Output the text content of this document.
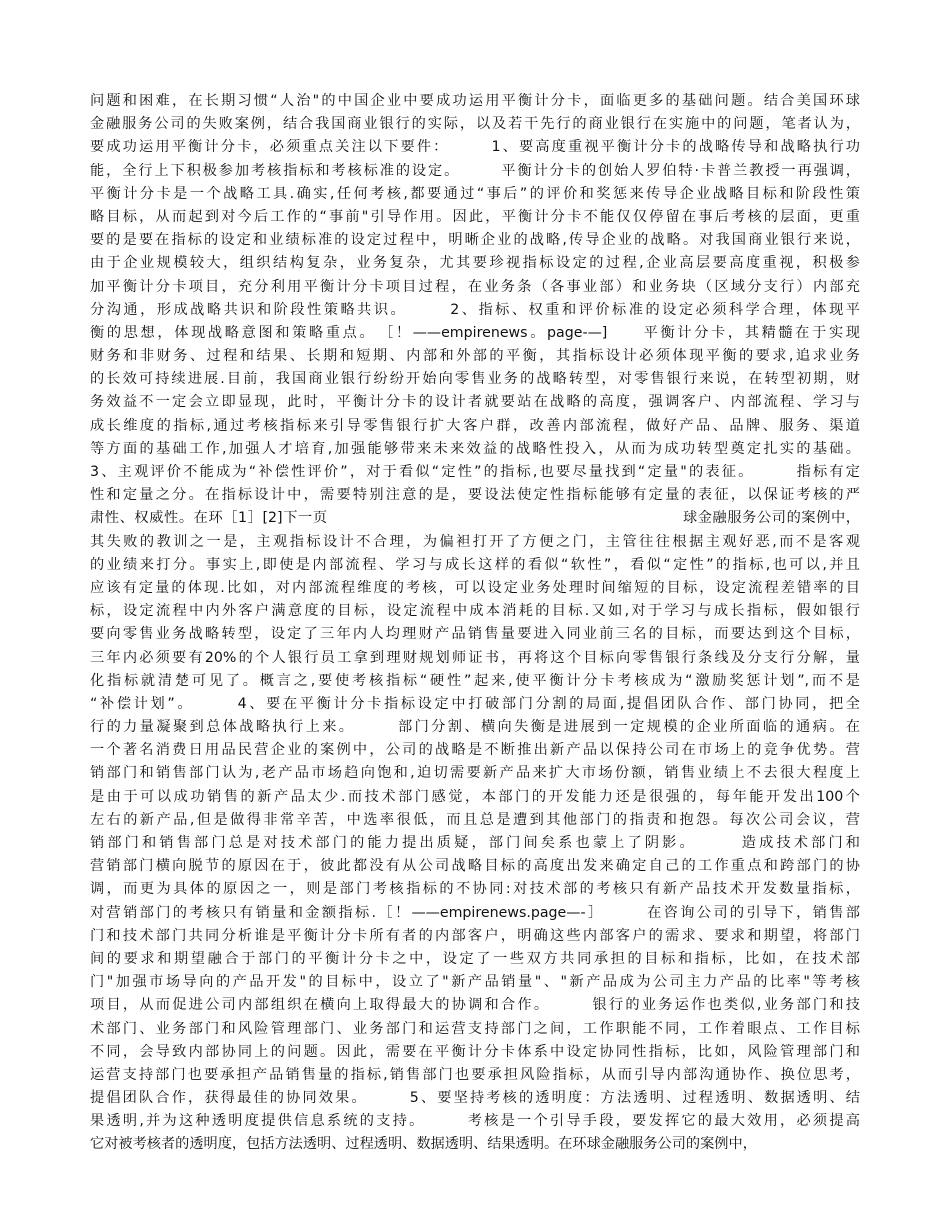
问题和困难，在长期习惯“人治"的中国企业中要成功运用平衡计分卡，面临更多的基础问题。结合美国环球
金融服务公司的失败案例，结合我国商业银行的实际，以及若干先行的商业银行在实施中的问题，笔者认为，
要成功运用平衡计分卡，必须重点关注以下要件：　　　1、要高度重视平衡计分卡的战略传导和战略执行功
能，全行上下积极参加考核指标和考核标准的设定。　　　平衡计分卡的创始人罗伯特·卡普兰教授一再强调，
平衡计分卡是一个战略工具.确实,任何考核,都要通过“事后”的评价和奖惩来传导企业战略目标和阶段性策
略目标，从而起到对今后工作的“事前"引导作用。因此，平衡计分卡不能仅仅停留在事后考核的层面，更重
要的是要在指标的设定和业绩标准的设定过程中，明晰企业的战略,传导企业的战略。对我国商业银行来说，
由于企业规模较大，组织结构复杂，业务复杂，尤其要珍视指标设定的过程,企业高层要高度重视，积极参
加平衡计分卡项目，充分利用平衡计分卡项目过程，在业务条（各事业部）和业务块（区域分支行）内部充
分沟通，形成战略共识和阶段性策略共识。　　　2、指标、权重和评价标准的设定必须科学合理，体现平
衡的思想，体现战略意图和策略重点。　［！——empirenews。page-—]　　平衡计分卡，其精髓在于实现
财务和非财务、过程和结果、长期和短期、内部和外部的平衡，其指标设计必须体现平衡的要求,追求业务
的长效可持续进展.目前，我国商业银行纷纷开始向零售业务的战略转型，对零售银行来说，在转型初期，财
务效益不一定会立即显现，此时，平衡计分卡的设计者就要站在战略的高度，强调客户、内部流程、学习与
成长维度的指标,通过考核指标来引导零售银行扩大客户群，改善内部流程，做好产品、品牌、服务、渠道
等方面的基础工作,加强人才培育,加强能够带来未来效益的战略性投入，从而为成功转型奠定扎实的基础。
3、主观评价不能成为“补偿性评价”，对于看似“定性”的指标,也要尽量找到“定量"的表征。　　　指标有定
性和定量之分。在指标设计中，需要特别注意的是，要设法使定性指标能够有定量的表征，以保证考核的严
肃性、权威性。在环［1］[2]下一页　　　　　　　　　　　　　　　　　　　　　　　　球金融服务公司的案例中，
其失败的教训之一是，主观指标设计不合理，为偏袒打开了方便之门，主管往往根据主观好恶,而不是客观
的业绩来打分。事实上,即使是内部流程、学习与成长这样的看似“软性”，看似“定性”的指标,也可以,并且
应该有定量的体现.比如，对内部流程维度的考核，可以设定业务处理时间缩短的目标，设定流程差错率的目
标，设定流程中内外客户满意度的目标，设定流程中成本消耗的目标.又如,对于学习与成长指标，假如银行
要向零售业务战略转型，设定了三年内人均理财产品销售量要进入同业前三名的目标，而要达到这个目标，
三年内必须要有20%的个人银行员工拿到理财规划师证书，再将这个目标向零售银行条线及分支行分解，量
化指标就清楚可见了。概言之,要使考核指标“硬性”起来,使平衡计分卡考核成为“激励奖惩计划”,而不是
“补偿计划”。　　　4、要在平衡计分卡指标设定中打破部门分割的局面,提倡团队合作、部门协同，把全
行的力量凝聚到总体战略执行上来。　　　部门分割、横向失衡是进展到一定规模的企业所面临的通病。在
一个著名消费日用品民营企业的案例中，公司的战略是不断推出新产品以保持公司在市场上的竞争优势。营
销部门和销售部门认为,老产品市场趋向饱和,迫切需要新产品来扩大市场份额，销售业绩上不去很大程度上
是由于可以成功销售的新产品太少.而技术部门感觉，本部门的开发能力还是很强的，每年能开发出100个
左右的新产品,但是做得非常辛苦，中选率很低，而且总是遭到其他部门的指责和抱怨。每次公司会议，营
销部门和销售部门总是对技术部门的能力提出质疑，部门间矣系也蒙上了阴影。　　　造成技术部门和
营销部门横向脱节的原因在于，彼此都没有从公司战略目标的高度出发来确定自己的工作重点和跨部门的协
调，而更为具体的原因之一，则是部门考核指标的不协同:对技术部的考核只有新产品技术开发数量指标，
对营销部门的考核只有销量和金额指标.［！——empirenews.page—-］　　　在咨询公司的引导下，销售部
门和技术部门共同分析谁是平衡计分卡所有者的内部客户，明确这些内部客户的需求、要求和期望，将部门
间的要求和期望融合于部门的平衡计分卡之中，设定了一些双方共同承担的目标和指标，比如，在技术部
门"加强市场导向的产品开发"的目标中，设立了"新产品销量"、"新产品成为公司主力产品的比率"等考核
项目，从而促进公司内部组织在横向上取得最大的协调和合作。　　　银行的业务运作也类似,业务部门和技
术部门、业务部门和风险管理部门、业务部门和运营支持部门之间，工作职能不同，工作着眼点、工作目标
不同，会导致内部协同上的问题。因此，需要在平衡计分卡体系中设定协同性指标，比如，风险管理部门和
运营支持部门也要承担产品销售量的指标,销售部门也要承担风险指标，从而引导内部沟通协作、换位思考，
提倡团队合作，获得最佳的协同效果。　　　5、要坚持考核的透明度：方法透明、过程透明、数据透明、结
果透明,并为这种透明度提供信息系统的支持。　　　考核是一个引导手段，要发挥它的最大效用，必须提高
它对被考核者的透明度，包括方法透明、过程透明、数据透明、结果透明。在环球金融服务公司的案例中，
